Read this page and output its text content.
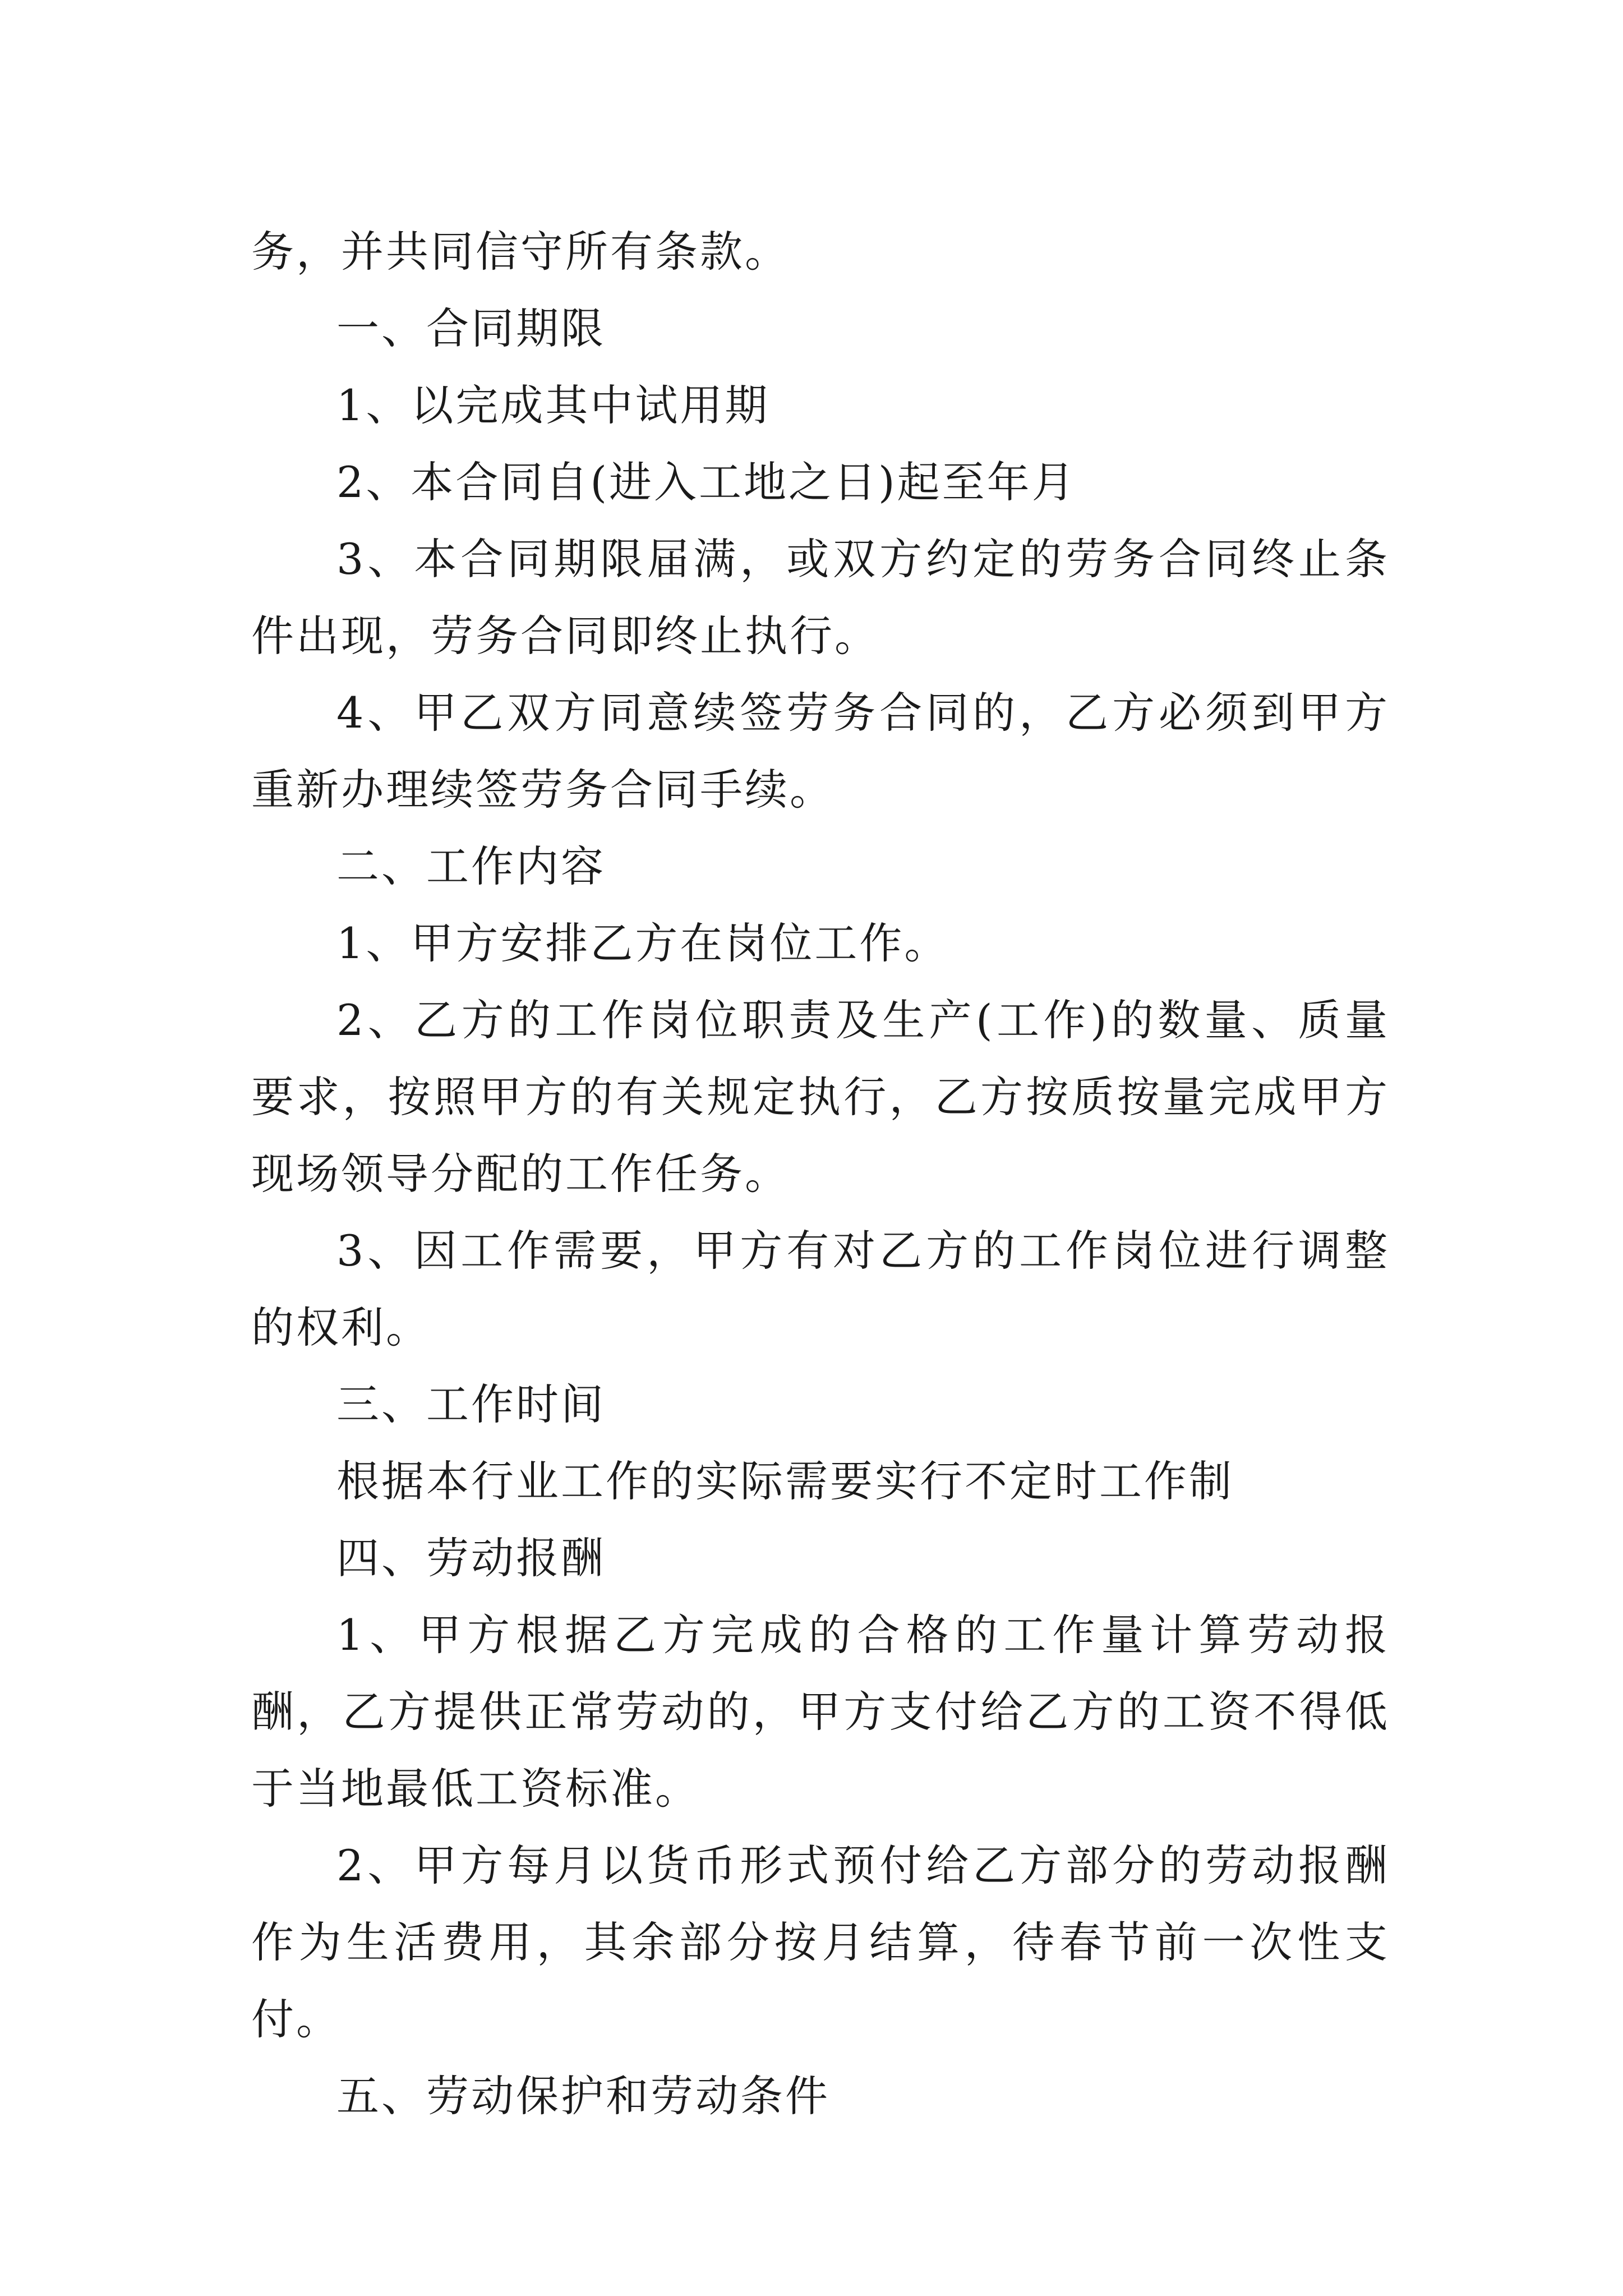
务，并共同信守所有条款。

一、合同期限

1、以完成其中试用期

2、本合同自(进入工地之日)起至年月

3、本合同期限届满，或双方约定的劳务合同终止条件出现，劳务合同即终止执行。

4、甲乙双方同意续签劳务合同的，乙方必须到甲方重新办理续签劳务合同手续。

二、工作内容

1、甲方安排乙方在岗位工作。

2、乙方的工作岗位职责及生产(工作)的数量、质量要求，按照甲方的有关规定执行，乙方按质按量完成甲方现场领导分配的工作任务。

3、因工作需要，甲方有对乙方的工作岗位进行调整的权利。

三、工作时间

根据本行业工作的实际需要实行不定时工作制

四、劳动报酬

1、甲方根据乙方完成的合格的工作量计算劳动报酬，乙方提供正常劳动的，甲方支付给乙方的工资不得低于当地最低工资标准。

2、甲方每月以货币形式预付给乙方部分的劳动报酬作为生活费用，其余部分按月结算，待春节前一次性支付。

五、劳动保护和劳动条件
